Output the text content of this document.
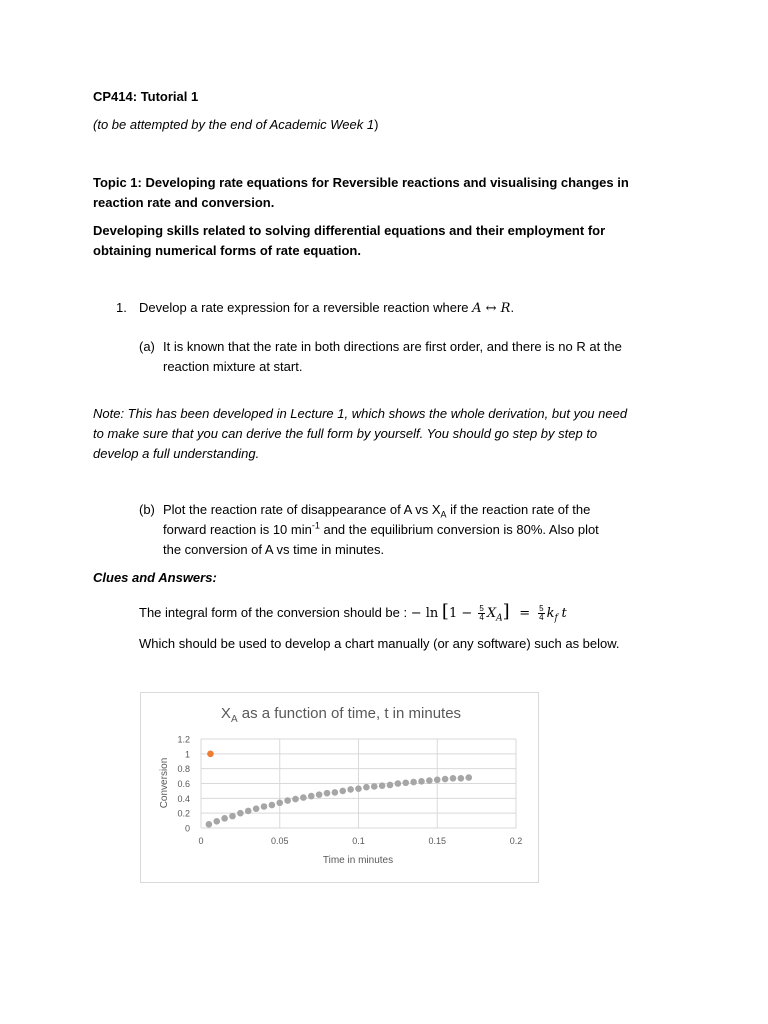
CP414: Tutorial 1
(to be attempted by the end of Academic Week 1)
Topic 1: Developing rate equations for Reversible reactions and visualising changes in
reaction rate and conversion.
Developing skills related to solving differential equations and their employment for
obtaining numerical forms of rate equation.
1. Develop a rate expression for a reversible reaction where A ↔ R.
(a) It is known that the rate in both directions are first order, and there is no R at the
reaction mixture at start.
Note: This has been developed in Lecture 1, which shows the whole derivation, but you need
to make sure that you can derive the full form by yourself. You should go step by step to
develop a full understanding.
(b) Plot the reaction rate of disappearance of A vs $X_A$ if the reaction rate of the
forward reaction is 10 $\min^{-1}$ and the equilibrium conversion is 80%. Also plot
the conversion of A vs time in minutes.
Clues and Answers:
The integral form of the conversion should be : − $\ln [1 - \frac{5}{4} X_A] = \frac{5}{4} k_f$ t
Which should be used to develop a chart manually (or any software) such as below.
$X_A$ as a function of time, t in minutes
0
0.2
0.4
0.6
0.8
1
1.2
0	0.05	0.1	0.15	0.2
Time in minutes
Conversion
